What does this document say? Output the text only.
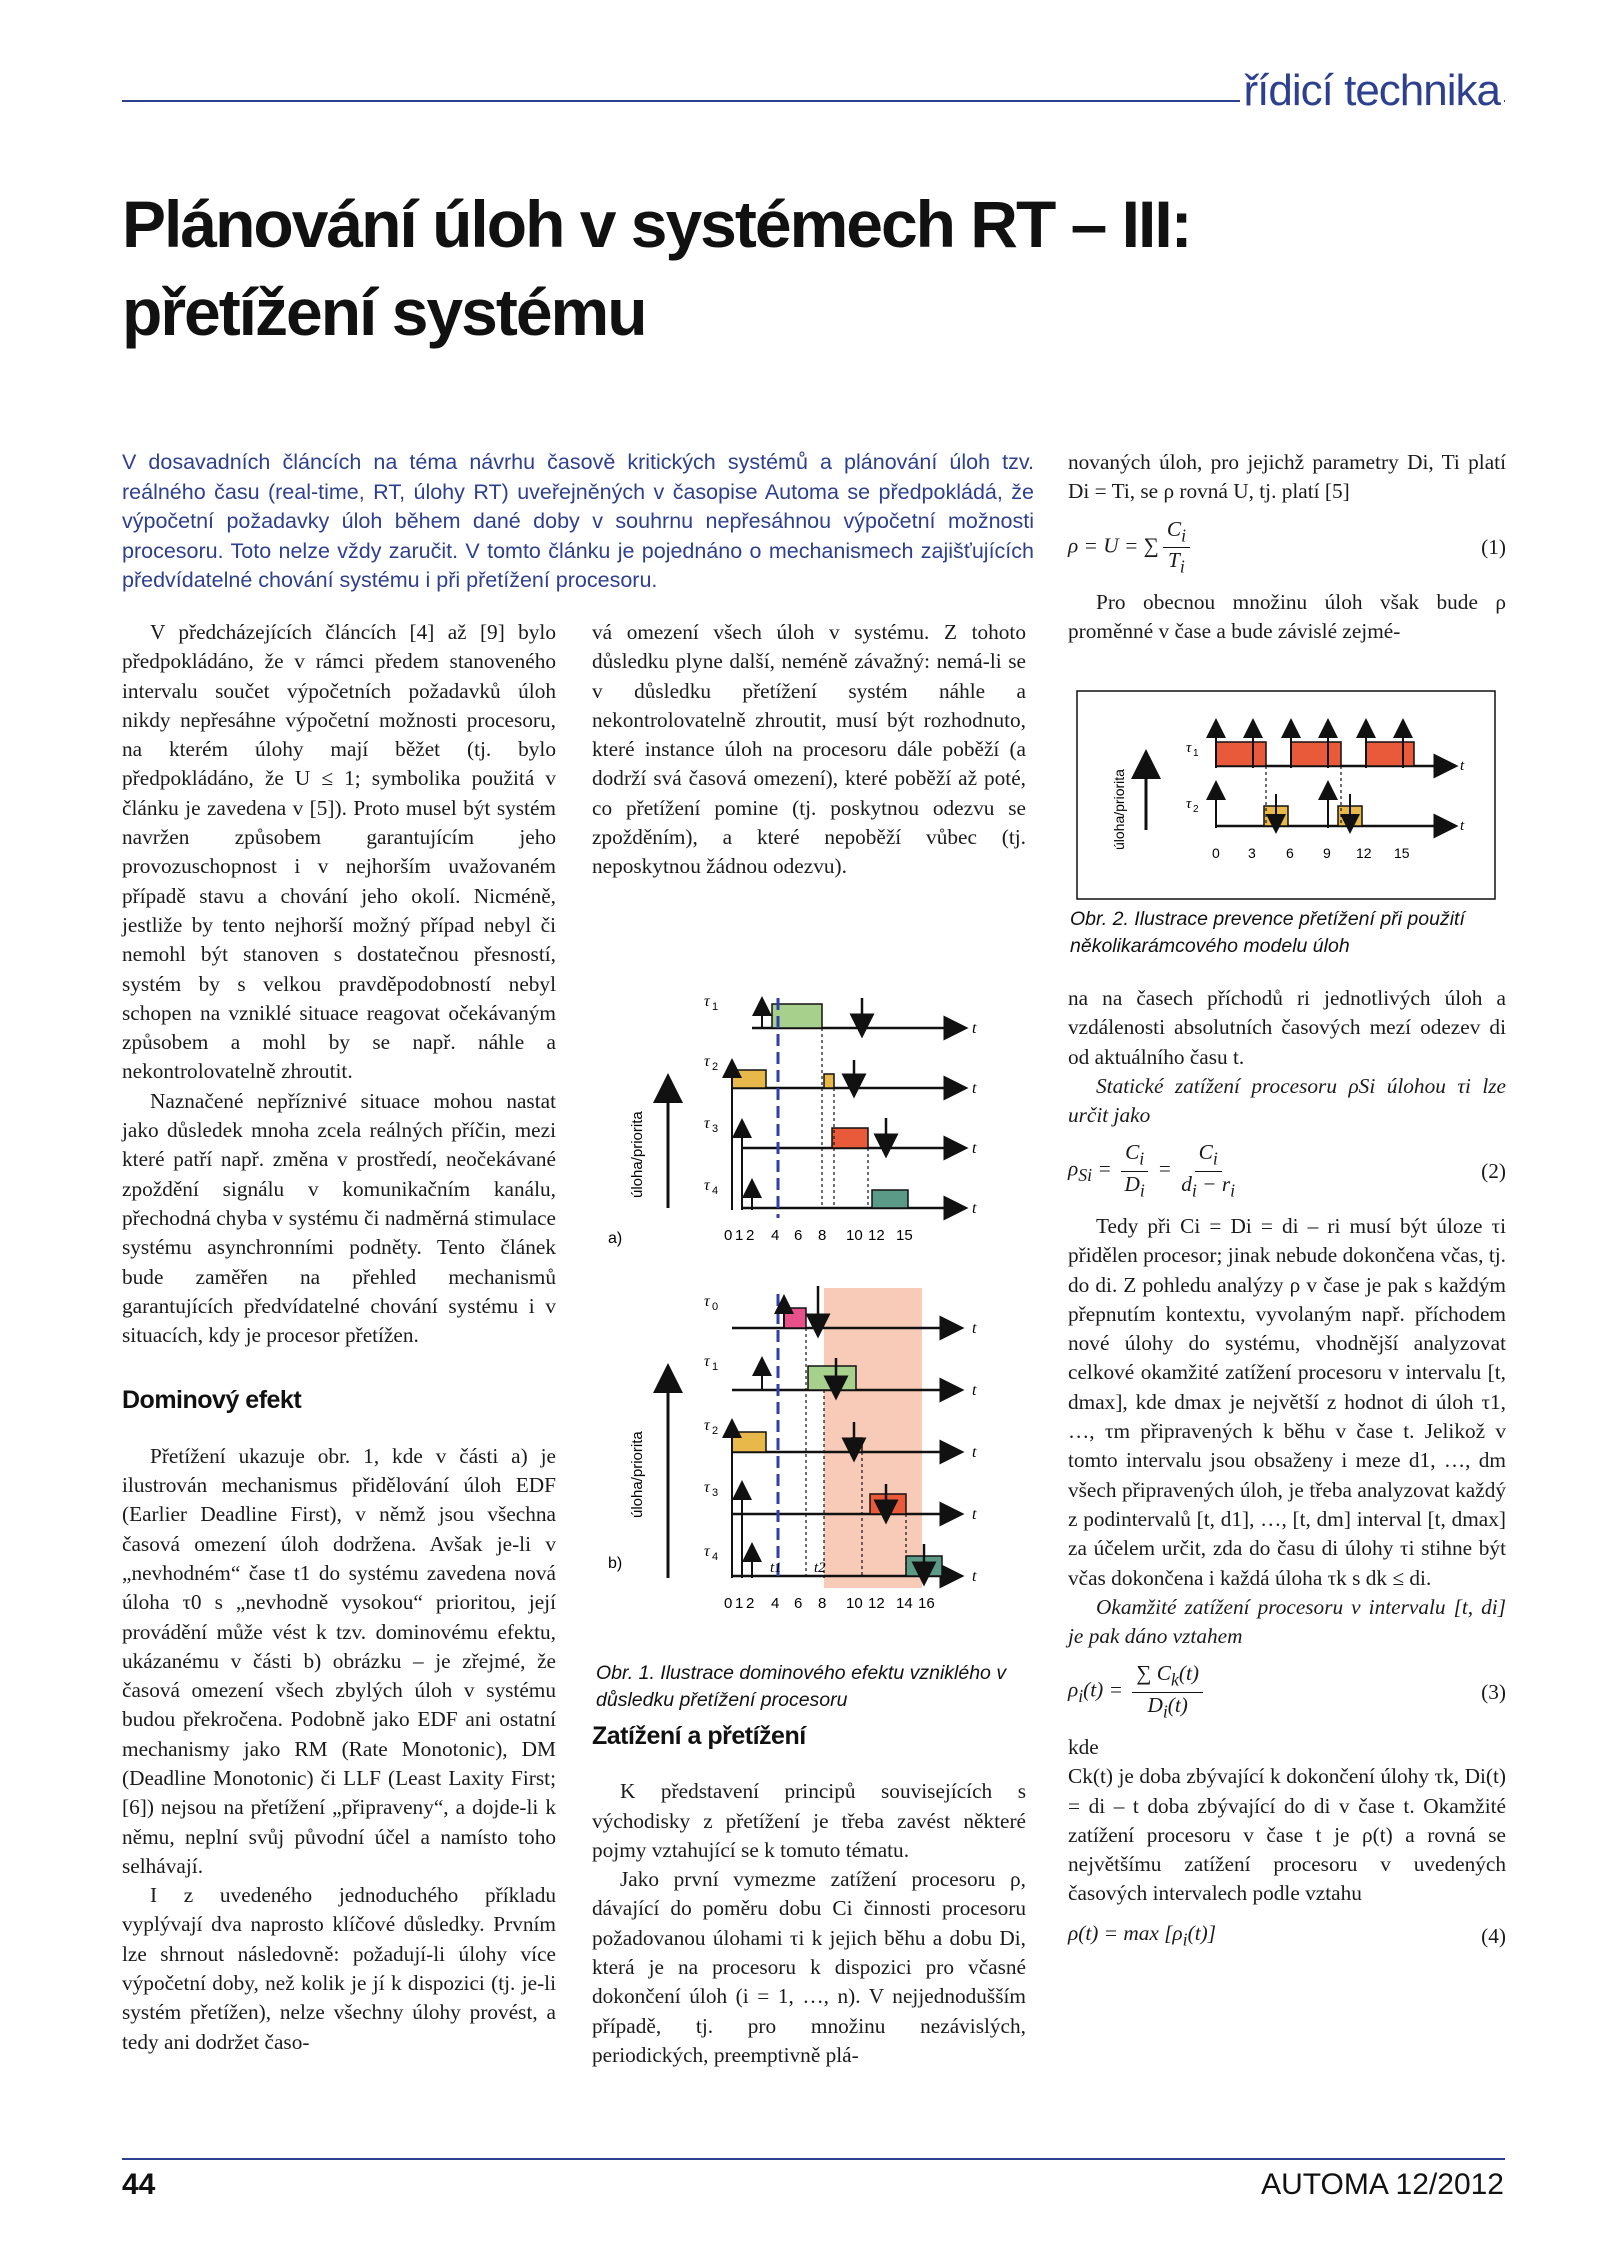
řídicí technika
Plánování úloh v systémech RT – III:
přetížení systému
V dosavadních článcích na téma návrhu časově kritických systémů a plánování úloh tzv. reálného času (real-time, RT, úlohy RT) uveřejněných v časopise Automa se předpokládá, že výpočetní požadavky úloh během dané doby v souhrnu nepřesáhnou výpočetní možnosti procesoru. Toto nelze vždy zaručit. V tomto článku je pojednáno o mechanismech zajišťujících předvídatelné chování systému i při přetížení procesoru.

V předcházejících článcích [4] až [9] bylo předpokládáno, že v rámci předem stanoveného intervalu součet výpočetních požadavků úloh nikdy nepřesáhne výpočetní možnosti procesoru, na kterém úlohy mají běžet (tj. bylo předpokládáno, že U ≤ 1; symbolika použitá v článku je zavedena v [5]). Proto musel být systém navržen způsobem garantujícím jeho provozuschopnost i v nejhorším uvažovaném případě stavu a chování jeho okolí. Nicméně, jestliže by tento nejhorší možný případ nebyl či nemohl být stanoven s dostatečnou přesností, systém by s velkou pravděpodobností nebyl schopen na vzniklé situace reagovat očekávaným způsobem a mohl by se např. náhle a nekontrolovatelně zhroutit.

Naznačené nepříznivé situace mohou nastat jako důsledek mnoha zcela reálných příčin, mezi které patří např. změna v prostředí, neočekávané zpoždění signálu v komunikačním kanálu, přechodná chyba v systému či nadměrná stimulace systému asynchronními podněty. Tento článek bude zaměřen na přehled mechanismů garantujících předvídatelné chování systému i v situacích, kdy je procesor přetížen.

Dominový efekt

Přetížení ukazuje obr. 1, kde v části a) je ilustrován mechanismus přidělování úloh EDF (Earlier Deadline First), v němž jsou všechna časová omezení úloh dodržena. Avšak je-li v „nevhodném“ čase t1 do systému zavedena nová úloha τ0 s „nevhodně vysokou“ prioritou, její provádění může vést k tzv. dominovému efektu, ukázanému v části b) obrázku – je zřejmé, že časová omezení všech zbylých úloh v systému budou překročena. Podobně jako EDF ani ostatní mechanismy jako RM (Rate Monotonic), DM (Deadline Monotonic) či LLF (Least Laxity First; [6]) nejsou na přetížení „připraveny“, a dojde-li k němu, neplní svůj původní účel a namísto toho selhávají.

I z uvedeného jednoduchého příkladu vyplývají dva naprosto klíčové důsledky. Prvním lze shrnout následovně: požadují-li úlohy více výpočetní doby, než kolik je jí k dispozici (tj. je-li systém přetížen), nelze všechny úlohy provést, a tedy ani dodržet časo-

vá omezení všech úloh v systému. Z tohoto důsledku plyne další, neméně závažný: nemá-li se v důsledku přetížení systém náhle a nekontrolovatelně zhroutit, musí být rozhodnuto, které instance úloh na procesoru dále poběží (a dodrží svá časová omezení), které poběží až poté, co přetížení pomine (tj. poskytnou odezvu se zpožděním), a které nepoběží vůbec (tj. neposkytnou žádnou odezvu).

úloha/priorita
a)
τ 1
t
τ 2
t
τ 3
t
τ 4
t
0 1 2 4 6 8 10 12 15
úloha/priorita
b)
τ 0
t
τ 1
t
τ 2
t
τ 3
t
τ 4
t
t1 t2
0 1 2 4 6 8 10 12 14 16
Obr. 1. Ilustrace dominového efektu vzniklého v důsledku přetížení procesoru
Zatížení a přetížení

K představení principů souvisejících s východisky z přetížení je třeba zavést některé pojmy vztahující se k tomuto tématu.

Jako první vymezme zatížení procesoru ρ, dávající do poměru dobu Ci činnosti procesoru požadovanou úlohami τi k jejich běhu a dobu Di, která je na procesoru k dispozici pro včasné dokončení úloh (i = 1, …, n). V nejjednodušším případě, tj. pro množinu nezávislých, periodických, preemptivně plá-

novaných úloh, pro jejichž parametry Di, Ti platí Di = Ti, se ρ rovná U, tj. platí [5]

ρ = U = ∑ $\frac{C_i}{T_i}$	(1)

Pro obecnou množinu úloh však bude ρ proměnné v čase a bude závislé zejmé-

úloha/priorita
τ 1
τ 2
t
t
0 3 6 9 12 15
Obr. 2. Ilustrace prevence přetížení při použití několikarámcového modelu úloh

na na časech příchodů ri jednotlivých úloh a vzdálenosti absolutních časových mezí odezev di od aktuálního času t.

Statické zatížení procesoru ρSi úlohou τi lze určit jako

$\rho_{Si} = \frac{C_i}{D_i} = \frac{C_i}{d_i - r_i}$	(2)

Tedy při Ci = Di = di – ri musí být úloze τi přidělen procesor; jinak nebude dokončena včas, tj. do di. Z pohledu analýzy ρ v čase je pak s každým přepnutím kontextu, vyvolaným např. příchodem nové úlohy do systému, vhodnější analyzovat celkové okamžité zatížení procesoru v intervalu [t, dmax], kde dmax je největší z hodnot di úloh τ1, …, τm připravených k běhu v čase t. Jelikož v tomto intervalu jsou obsaženy i meze d1, …, dm všech připravených úloh, je třeba analyzovat každý z podintervalů [t, d1], …, [t, dm] interval [t, dmax] za účelem určit, zda do času di úlohy τi stihne být včas dokončena i každá úloha τk s dk ≤ di.

Okamžité zatížení procesoru v intervalu [t, di] je pak dáno vztahem

$\rho_i(t) = \frac{\sum C_k(t)}{D_i(t)}$	(3)

kde

Ck(t) je doba zbývající k dokončení úlohy τk, Di(t) = di – t doba zbývající do di v čase t. Okamžité zatížení procesoru v čase t je ρ(t) a rovná se největšímu zatížení procesoru v uvedených časových intervalech podle vztahu

$\rho(t) = \max [\rho_i(t)]$	(4)
44	AUTOMA 12/2012
